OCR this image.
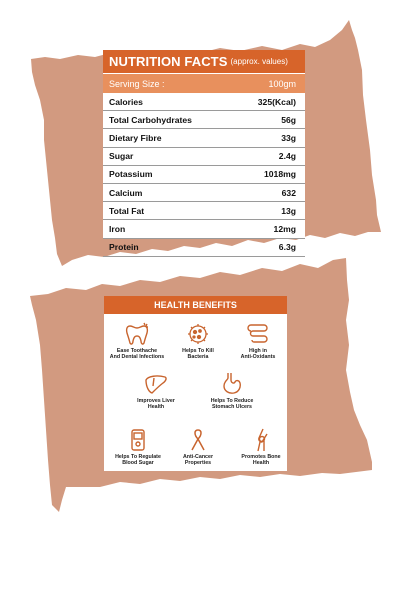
NUTRITION FACTS (approx. values)
Serving Size :	100gm
Calories	325(Kcal)
Total Carbohydrates	56g
Dietary Fibre	33g
Sugar	2.4g
Potassium	1018mg
Calcium	632
Total Fat	13g
Iron	12mg
Protein	6.3g
HEALTH BENEFITS
Ease Toothache
And Dental Infections
Helps To Kill
Bacteria
High in
Anti-Oxidants
Improves Liver
Health
Helps To Reduce
Stomach Ulcers
Helps To Regulate
Blood Sugar
Anti-Cancer
Properties
Promotes Bone
Health
